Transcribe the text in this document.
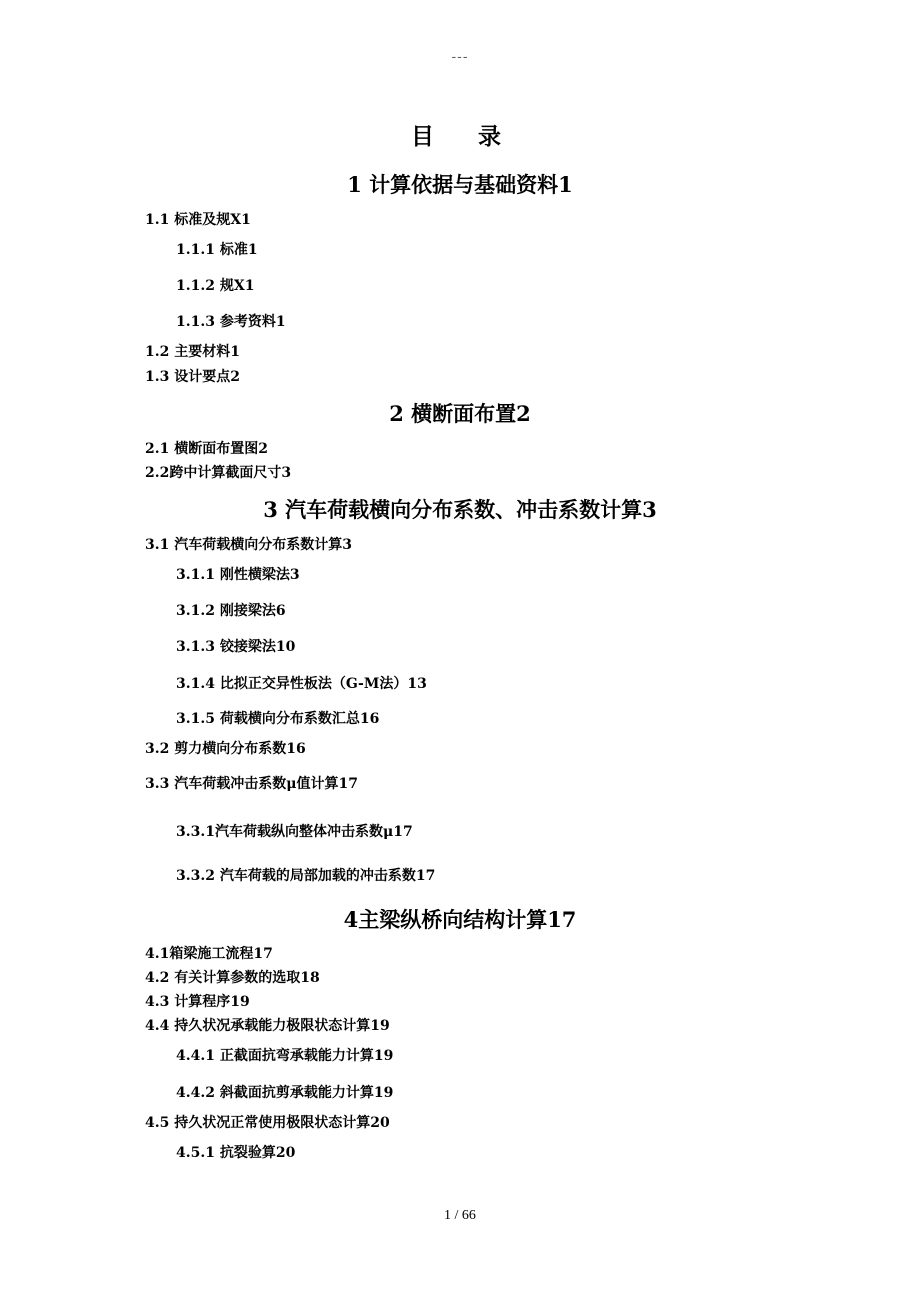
---
目 录
1 计算依据与基础资料1
1.1 标准及规X1
1.1.1 标准1
1.1.2 规X1
1.1.3 参考资料1
1.2 主要材料1
1.3 设计要点2
2 横断面布置2
2.1 横断面布置图2
2.2跨中计算截面尺寸3
3 汽车荷载横向分布系数、冲击系数计算3
3.1 汽车荷载横向分布系数计算3
3.1.1 刚性横梁法3
3.1.2 刚接梁法6
3.1.3 铰接梁法10
3.1.4 比拟正交异性板法（G-M法）13
3.1.5 荷载横向分布系数汇总16
3.2 剪力横向分布系数16
3.3 汽车荷载冲击系数μ值计算17
3.3.1汽车荷载纵向整体冲击系数μ17
3.3.2 汽车荷载的局部加载的冲击系数17
4主梁纵桥向结构计算17
4.1箱梁施工流程17
4.2 有关计算参数的选取18
4.3 计算程序19
4.4 持久状况承载能力极限状态计算19
4.4.1 正截面抗弯承载能力计算19
4.4.2 斜截面抗剪承载能力计算19
4.5 持久状况正常使用极限状态计算20
4.5.1 抗裂验算20
1 / 66
